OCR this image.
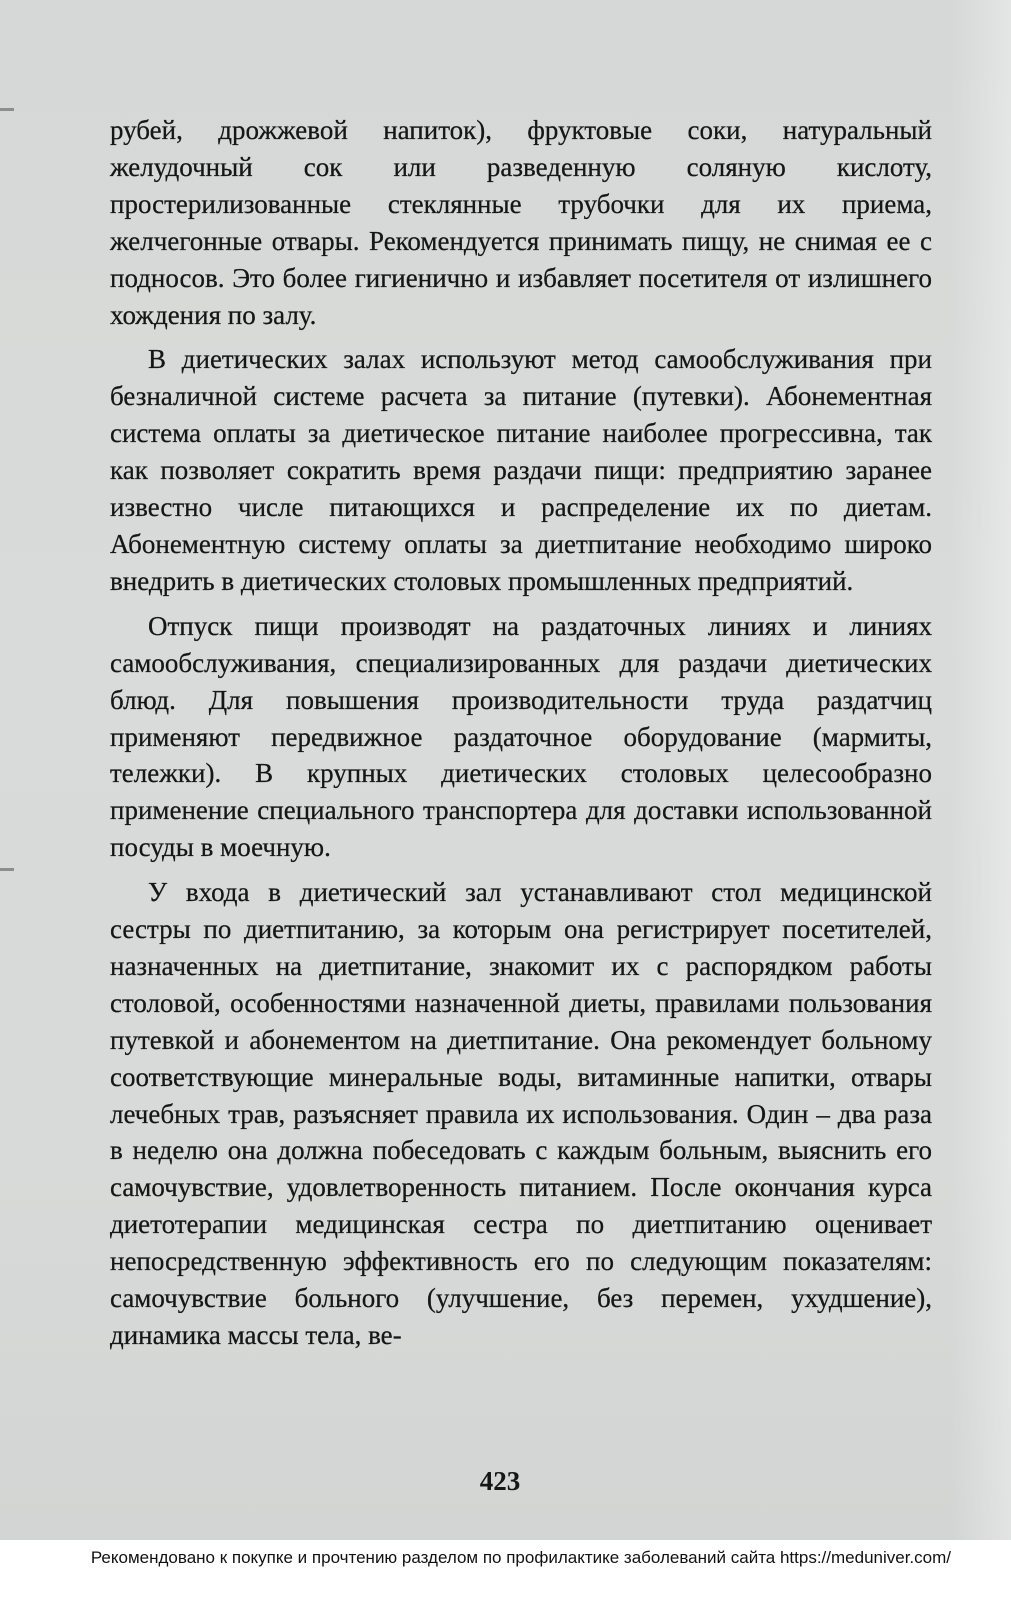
рубей, дрожжевой напиток), фруктовые соки, натуральный желудочный сок или разведенную соляную кислоту, простерилизованные стеклянные трубочки для их приема, желчегонные отвары. Рекомендуется принимать пищу, не снимая ее с подносов. Это более гигиенично и избавляет посетителя от излишнего хождения по залу.

В диетических залах используют метод самообслуживания при безналичной системе расчета за питание (путевки). Абонементная система оплаты за диетическое питание наиболее прогрессивна, так как позволяет сократить время раздачи пищи: предприятию заранее известно числе питающихся и распределение их по диетам. Абонементную систему оплаты за диетпитание необходимо широко внедрить в диетических столовых промышленных предприятий.

Отпуск пищи производят на раздаточных линиях и линиях самообслуживания, специализированных для раздачи диетических блюд. Для повышения производительности труда раздатчиц применяют передвижное раздаточное оборудование (мармиты, тележки). В крупных диетических столовых целесообразно применение специального транспортера для доставки использованной посуды в моечную.

У входа в диетический зал устанавливают стол медицинской сестры по диетпитанию, за которым она регистрирует посетителей, назначенных на диетпитание, знакомит их с распорядком работы столовой, особенностями назначенной диеты, правилами пользования путевкой и абонементом на диетпитание. Она рекомендует больному соответствующие минеральные воды, витаминные напитки, отвары лечебных трав, разъясняет правила их использования. Один – два раза в неделю она должна побеседовать с каждым больным, выяснить его самочувствие, удовлетворенность питанием. После окончания курса диетотерапии медицинская сестра по диетпитанию оценивает непосредственную эффективность его по следующим показателям: самочувствие больного (улучшение, без перемен, ухудшение), динамика массы тела, ве-

423
Рекомендовано к покупке и прочтению разделом по профилактике заболеваний сайта https://meduniver.com/
